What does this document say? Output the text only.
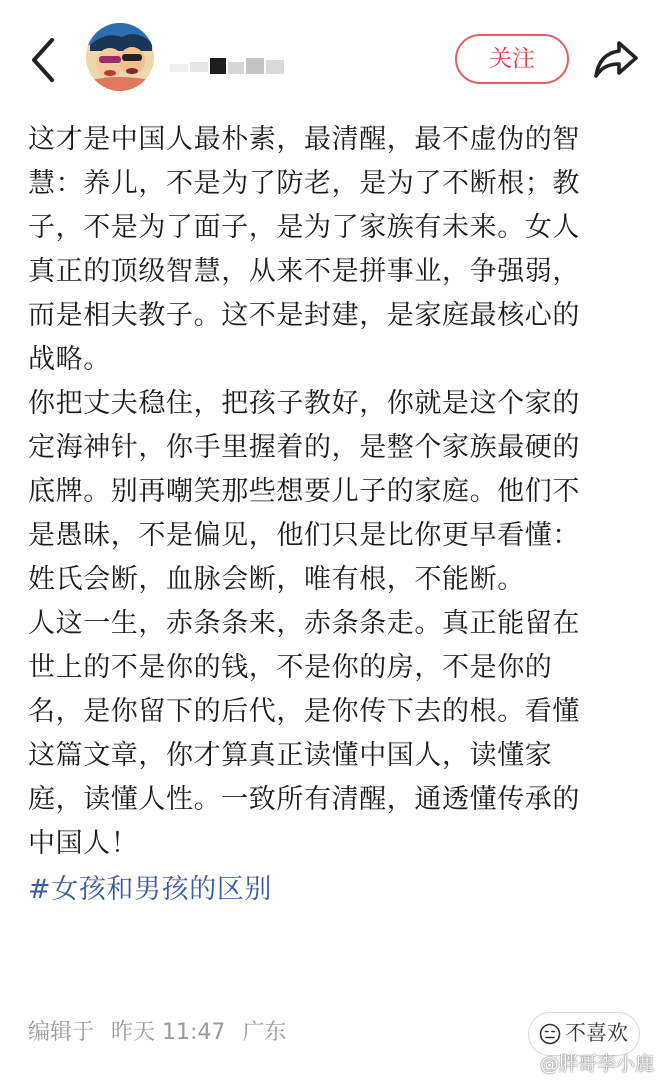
关注

这才是中国人最朴素，最清醒，最不虚伪的智
慧：养儿，不是为了防老，是为了不断根；教
子，不是为了面子，是为了家族有未来。女人
真正的顶级智慧，从来不是拼事业，争强弱，
而是相夫教子。这不是封建，是家庭最核心的
战略。

你把丈夫稳住，把孩子教好，你就是这个家的
定海神针，你手里握着的，是整个家族最硬的
底牌。别再嘲笑那些想要儿子的家庭。他们不
是愚昧，不是偏见，他们只是比你更早看懂：
姓氏会断，血脉会断，唯有根，不能断。

人这一生，赤条条来，赤条条走。真正能留在
世上的不是你的钱，不是你的房，不是你的
名，是你留下的后代，是你传下去的根。看懂
这篇文章，你才算真正读懂中国人，读懂家
庭，读懂人性。一致所有清醒，通透懂传承的
中国人！

#女孩和男孩的区别
编辑于 昨天 11:47 广东	不喜欢
@胖哥李小鹿
